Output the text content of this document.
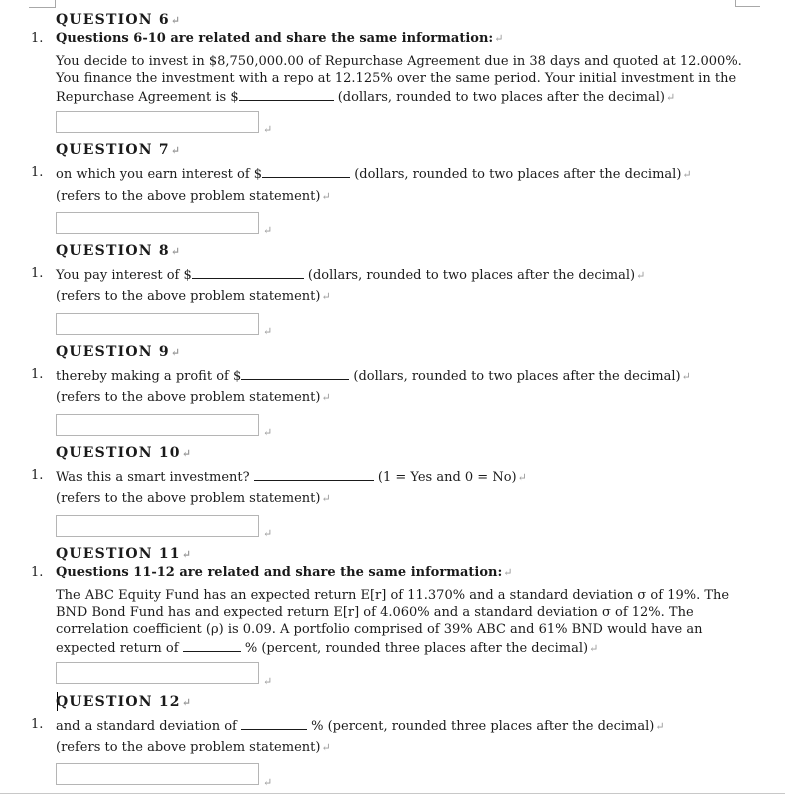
QUESTION 6↵
1. Questions 6-10 are related and share the same information:↵
You decide to invest in $8,750,000.00 of Repurchase Agreement due in 38 days and quoted at 12.000%.
You finance the investment with a repo at 12.125% over the same period. Your initial investment in the
Repurchase Agreement is $	(dollars, rounded to two places after the decimal)↵
↵
QUESTION 7↵
1. on which you earn interest of $	(dollars, rounded to two places after the decimal)↵
(refers to the above problem statement)↵
↵
QUESTION 8↵
1. You pay interest of $	(dollars, rounded to two places after the decimal)↵
(refers to the above problem statement)↵
↵
QUESTION 9↵
1. thereby making a profit of $	(dollars, rounded to two places after the decimal)↵
(refers to the above problem statement)↵
↵
QUESTION 10↵
1. Was this a smart investment?	(1 = Yes and 0 = No)↵
(refers to the above problem statement)↵
↵
QUESTION 11↵
1. Questions 11-12 are related and share the same information:↵
The ABC Equity Fund has an expected return E[r] of 11.370% and a standard deviation σ of 19%. The
BND Bond Fund has and expected return E[r] of 4.060% and a standard deviation σ of 12%. The
correlation coefficient (ρ) is 0.09. A portfolio comprised of 39% ABC and 61% BND would have an
expected return of	% (percent, rounded three places after the decimal)↵
↵
QUESTION 12↵
1. and a standard deviation of	% (percent, rounded three places after the decimal)↵
(refers to the above problem statement)↵
↵
